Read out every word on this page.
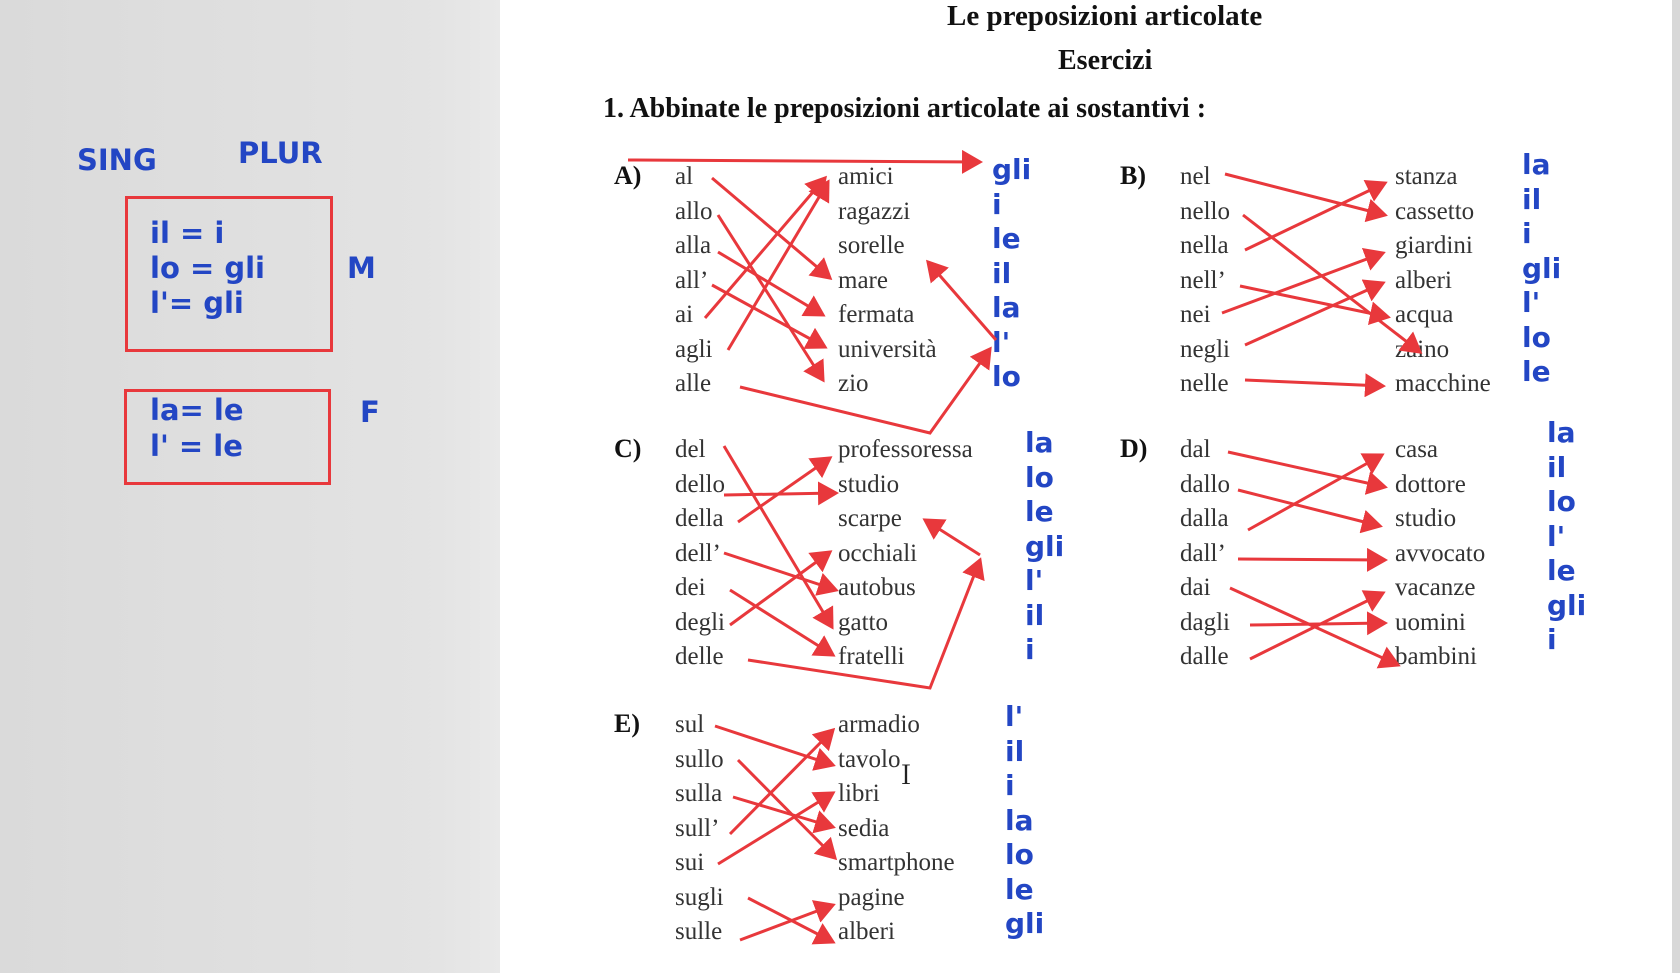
SING	PLUR
il = i
lo = gli
l'= gli
M
la= le
l' = le
F
Le preposizioni articolate
Esercizi
1. Abbinate le preposizioni articolate ai sostantivi :
A) al
allo
alla
all’
ai
agli
alle
amici
ragazzi
sorelle
mare
fermata
università
zio
gli
i
le
il
la
l'
lo
B) nel
nello
nella
nell’
nei
negli
nelle
stanza
cassetto
giardini
alberi
acqua
zaino
macchine
la
il
i
gli
l'
lo
le
C) del
dello
della
dell’
dei
degli
delle
professoressa
studio
scarpe
occhiali
autobus
gatto
fratelli
la
lo
le
gli
l'
il
i
D) dal
dallo
dalla
dall’
dai
dagli
dalle
casa
dottore
studio
avvocato
vacanze
uomini
bambini
la
il
lo
l'
le
gli
i
E) sul
sullo
sulla
sull’
sui
sugli
sulle
armadio
tavolo
libri
sedia
smartphone
pagine
alberi
l'
il
i
la
lo
le
gli
Ｉ
